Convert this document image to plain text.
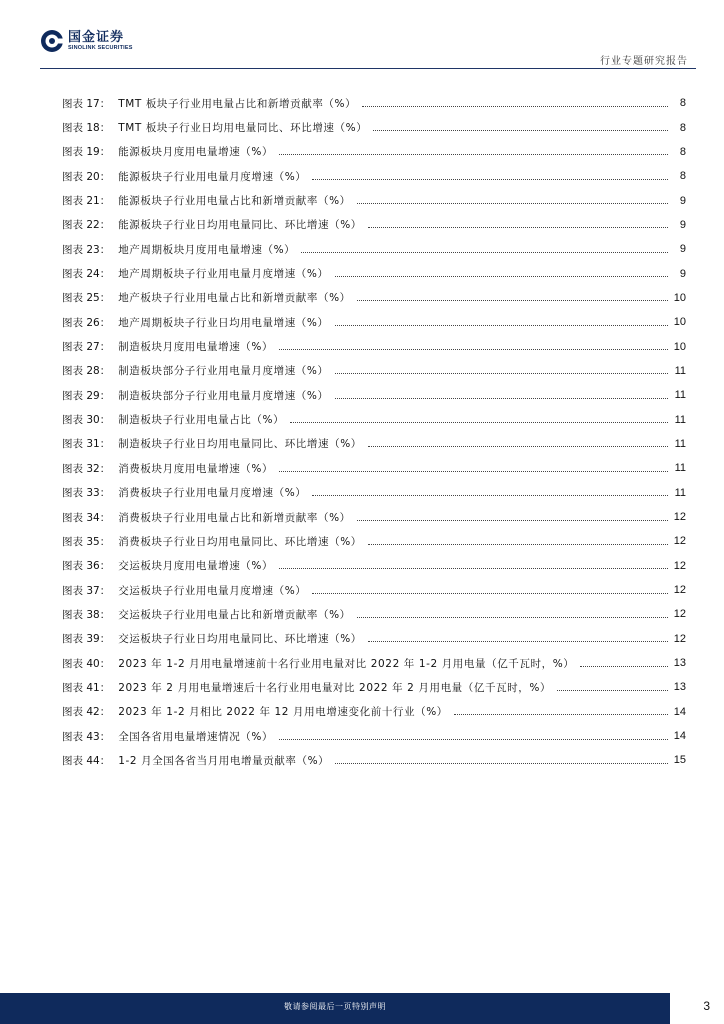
国金证券
SINOLINK SECURITIES
行业专题研究报告
图表 17： TMT 板块子行业用电量占比和新增贡献率（%）	8
图表 18： TMT 板块子行业日均用电量同比、环比增速（%）	8
图表 19： 能源板块月度用电量增速（%）	8
图表 20： 能源板块子行业用电量月度增速（%）	8
图表 21： 能源板块子行业用电量占比和新增贡献率（%）	9
图表 22： 能源板块子行业日均用电量同比、环比增速（%）	9
图表 23： 地产周期板块月度用电量增速（%）	9
图表 24： 地产周期板块子行业用电量月度增速（%）	9
图表 25： 地产板块子行业用电量占比和新增贡献率（%）	10
图表 26： 地产周期板块子行业日均用电量增速（%）	10
图表 27： 制造板块月度用电量增速（%）	10
图表 28： 制造板块部分子行业用电量月度增速（%）	11
图表 29： 制造板块部分子行业用电量月度增速（%）	11
图表 30： 制造板块子行业用电量占比（%）	11
图表 31： 制造板块子行业日均用电量同比、环比增速（%）	11
图表 32： 消费板块月度用电量增速（%）	11
图表 33： 消费板块子行业用电量月度增速（%）	11
图表 34： 消费板块子行业用电量占比和新增贡献率（%）	12
图表 35： 消费板块子行业日均用电量同比、环比增速（%）	12
图表 36： 交运板块月度用电量增速（%）	12
图表 37： 交运板块子行业用电量月度增速（%）	12
图表 38： 交运板块子行业用电量占比和新增贡献率（%）	12
图表 39： 交运板块子行业日均用电量同比、环比增速（%）	12
图表 40： 2023 年 1-2 月用电量增速前十名行业用电量对比 2022 年 1-2 月用电量（亿千瓦时，%）	13
图表 41： 2023 年 2 月用电量增速后十名行业用电量对比 2022 年 2 月用电量（亿千瓦时，%）	13
图表 42： 2023 年 1-2 月相比 2022 年 12 月用电增速变化前十行业（%）	14
图表 43： 全国各省用电量增速情况（%）	14
图表 44： 1-2 月全国各省当月用电增量贡献率（%）	15
敬请参阅最后一页特别声明	3
